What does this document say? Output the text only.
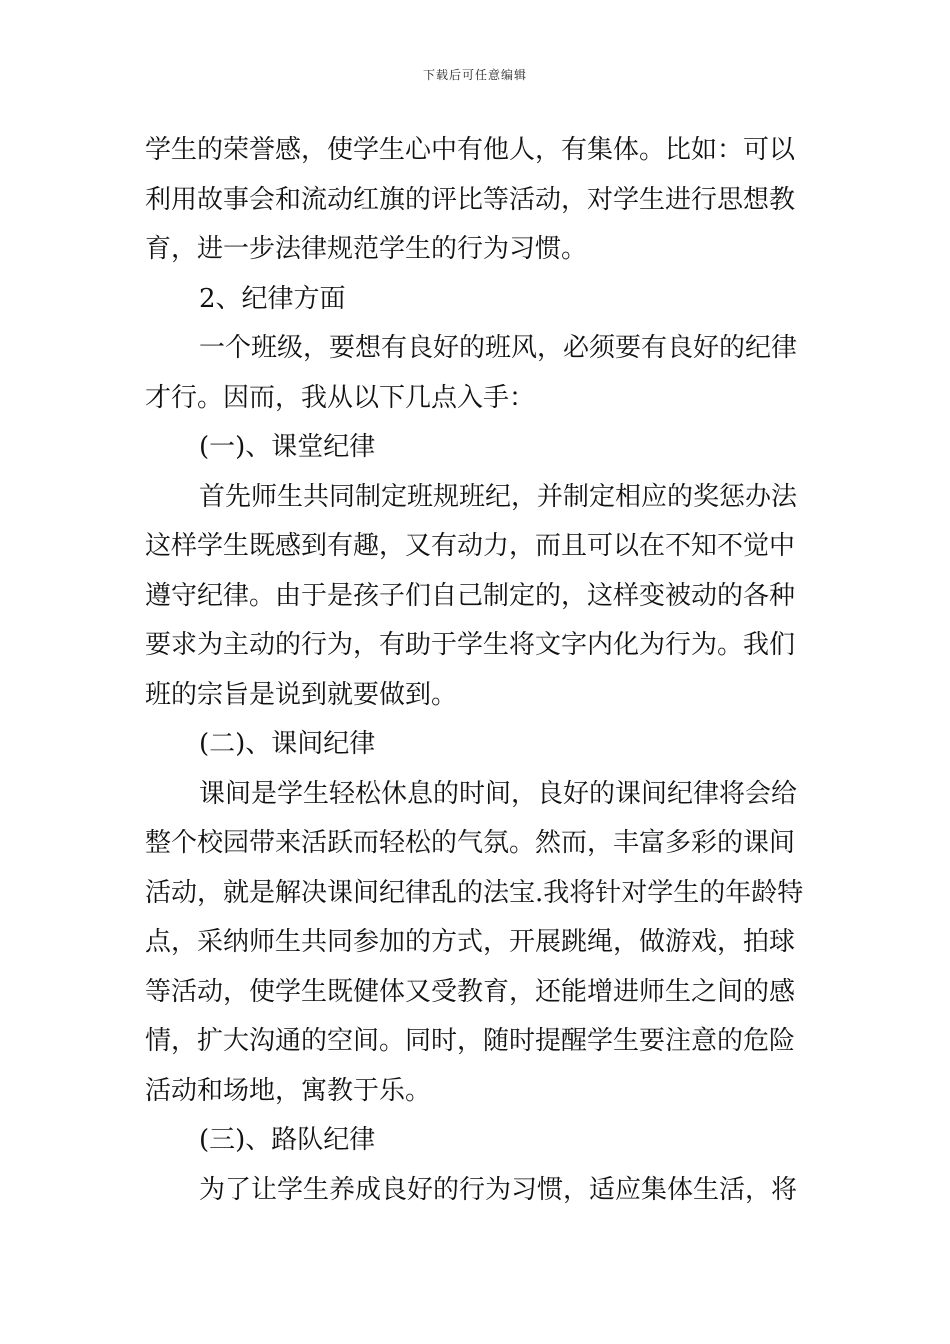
下载后可任意编辑
学生的荣誉感，使学生心中有他人，有集体。比如：可以
利用故事会和流动红旗的评比等活动，对学生进行思想教
育，进一步法律规范学生的行为习惯。
2、纪律方面
一个班级，要想有良好的班风，必须要有良好的纪律
才行。因而，我从以下几点入手：
(一)、课堂纪律
首先师生共同制定班规班纪，并制定相应的奖惩办法
这样学生既感到有趣，又有动力，而且可以在不知不觉中
遵守纪律。由于是孩子们自己制定的，这样变被动的各种
要求为主动的行为，有助于学生将文字内化为行为。我们
班的宗旨是说到就要做到。
(二)、课间纪律
课间是学生轻松休息的时间，良好的课间纪律将会给
整个校园带来活跃而轻松的气氛。然而，丰富多彩的课间
活动，就是解决课间纪律乱的法宝.我将针对学生的年龄特
点，采纳师生共同参加的方式，开展跳绳，做游戏，拍球
等活动，使学生既健体又受教育，还能增进师生之间的感
情，扩大沟通的空间。同时，随时提醒学生要注意的危险
活动和场地，寓教于乐。
(三)、路队纪律
为了让学生养成良好的行为习惯，适应集体生活，将
